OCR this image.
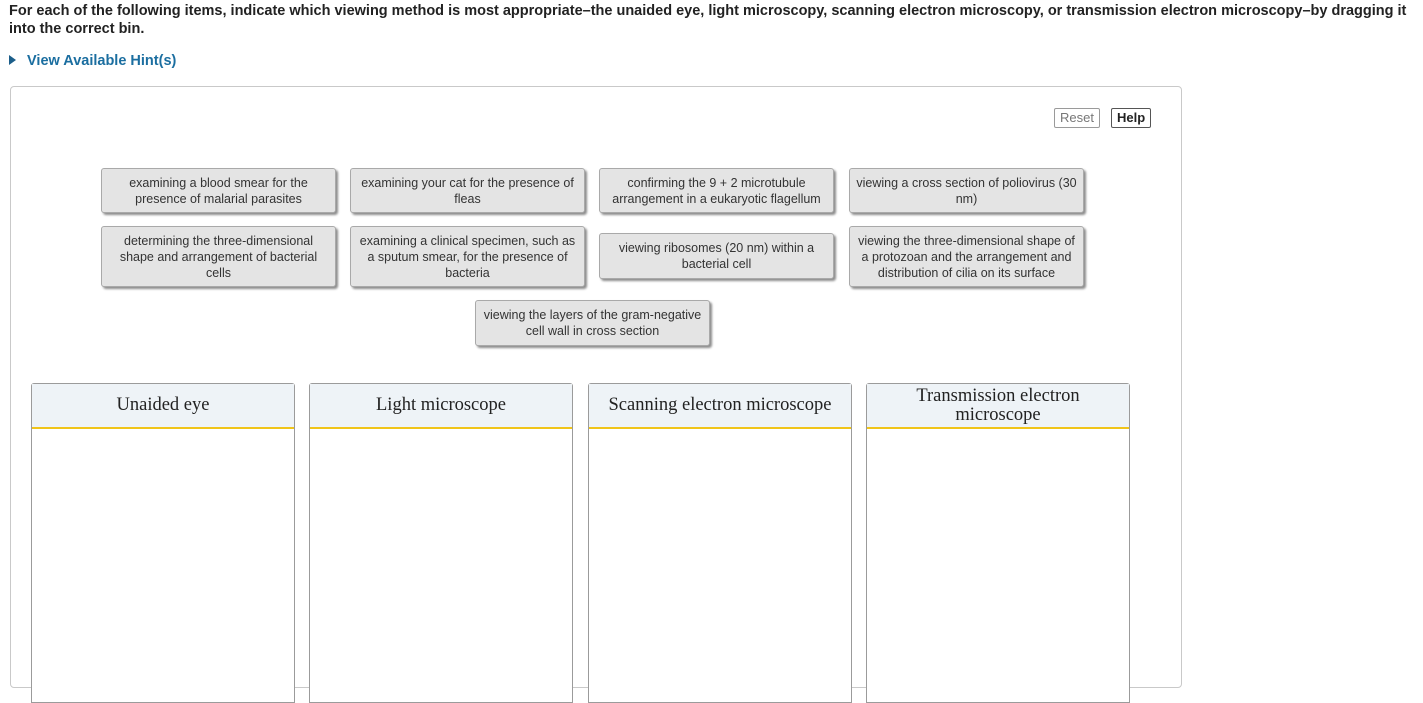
For each of the following items, indicate which viewing method is most appropriate–the unaided eye, light microscopy, scanning electron microscopy, or transmission electron microscopy–by dragging it into the correct bin.
View Available Hint(s)
Reset	Help
examining a blood smear for the presence of malarial parasites
examining your cat for the presence of fleas
confirming the 9 + 2 microtubule arrangement in a eukaryotic flagellum
viewing a cross section of poliovirus (30 nm)
determining the three-dimensional shape and arrangement of bacterial cells
examining a clinical specimen, such as a sputum smear, for the presence of bacteria
viewing ribosomes (20 nm) within a bacterial cell
viewing the three-dimensional shape of a protozoan and the arrangement and distribution of cilia on its surface
viewing the layers of the gram-negative cell wall in cross section
Unaided eye	Light microscope	Scanning electron microscope	Transmission electron microscope
